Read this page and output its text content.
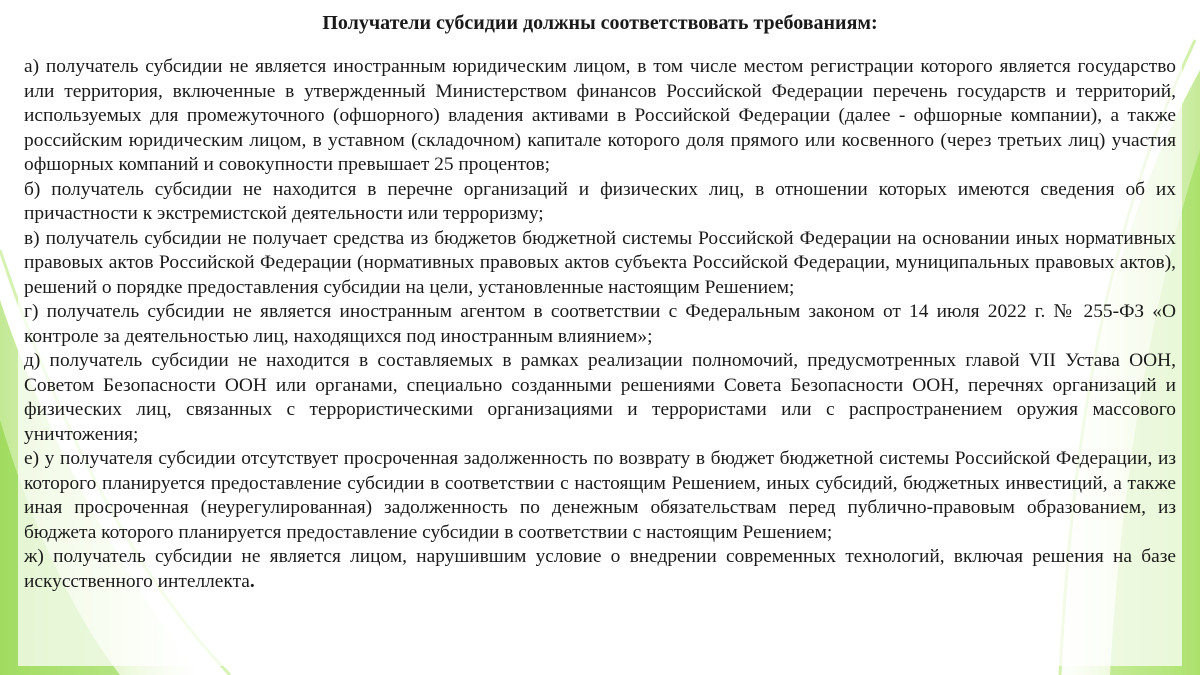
Получатели субсидии должны соответствовать требованиям:

а) получатель субсидии не является иностранным юридическим лицом, в том числе местом регистрации которого является государство или территория, включенные в утвержденный Министерством финансов Российской Федерации перечень государств и территорий, используемых для промежуточного (офшорного) владения активами в Российской Федерации (далее - офшорные компании), а также российским юридическим лицом, в уставном (складочном) капитале которого доля прямого или косвенного (через третьих лиц) участия офшорных компаний и совокупности превышает 25 процентов;

б) получатель субсидии не находится в перечне организаций и физических лиц, в отношении которых имеются сведения об их причастности к экстремистской деятельности или терроризму;

в) получатель субсидии не получает средства из бюджетов бюджетной системы Российской Федерации на основании иных нормативных правовых актов Российской Федерации (нормативных правовых актов субъекта Российской Федерации, муниципальных правовых актов), решений о порядке предоставления субсидии на цели, установленные настоящим Решением;

г) получатель субсидии не является иностранным агентом в соответствии с Федеральным законом от 14 июля 2022 г. № 255-ФЗ «О контроле за деятельностью лиц, находящихся под иностранным влиянием»;

д) получатель субсидии не находится в составляемых в рамках реализации полномочий, предусмотренных главой VII Устава ООН, Советом Безопасности ООН или органами, специально созданными решениями Совета Безопасности ООН, перечнях организаций и физических лиц, связанных с террористическими организациями и террористами или с распространением оружия массового уничтожения;

е) у получателя субсидии отсутствует просроченная задолженность по возврату в бюджет бюджетной системы Российской Федерации, из которого планируется предоставление субсидии в соответствии с настоящим Решением, иных субсидий, бюджетных инвестиций, а также иная просроченная (неурегулированная) задолженность по денежным обязательствам перед публично-правовым образованием, из бюджета которого планируется предоставление субсидии в соответствии с настоящим Решением;

ж) получатель субсидии не является лицом, нарушившим условие о внедрении современных технологий, включая решения на базе искусственного интеллекта.
